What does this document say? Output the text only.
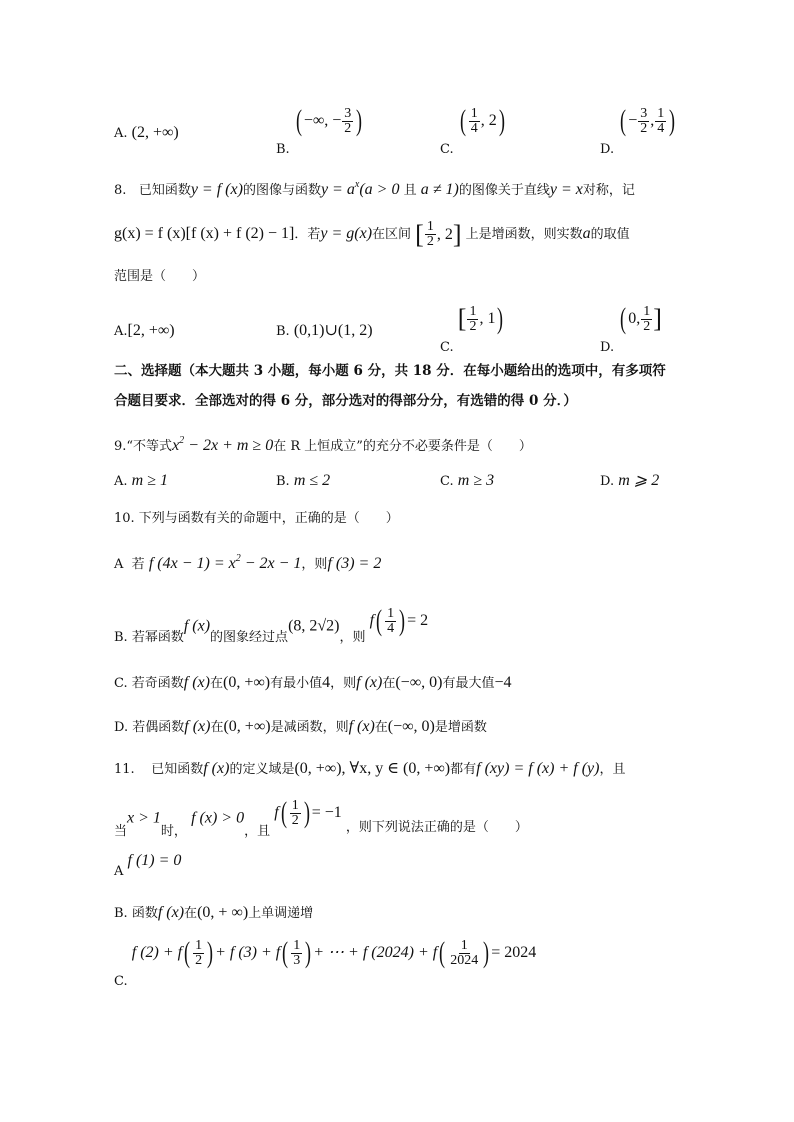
A. (2, +∞)
B.
( −∞, − $\frac{3}{2}$ )
C.
( $\frac{1}{4}$ , 2 )
D.
( − $\frac{3}{2}$ , $\frac{1}{4}$ )
8. 已知函数y = f (x)的图像与函数$y = a^x(a > 0$ 且 a ≠ 1)的图像关于直线y = x对称，记
g(x) = f (x)[f (x) + f (2) − 1]．若y = g(x)在区间 [ $\frac{1}{2}$ , 2 ] 上是增函数，则实数a的取值
范围是（　　）
A.[2, +∞)	B. (0,1)∪(1, 2)
C.
[ $\frac{1}{2}$ , 1 )
D.
( 0, $\frac{1}{2}$ ]
二、选择题（本大题共 3 小题，每小题 6 分，共 18 分．在每小题给出的选项中，有多项符
合题目要求．全部选对的得 6 分，部分选对的得部分分，有选错的得 0 分．）
9.“不等式$x^2 - 2x + m \ge 0$在 R 上恒成立”的充分不必要条件是（　　）
A. m ≥ 1	B. m ≤ 2	C. m ≥ 3	D. m ⩾ 2
10. 下列与函数有关的命题中，正确的是（　　）
A 若 f $(4x - 1) = x^2 - 2x - 1$，则f (3) = 2
B. 若幂函数f (x)的图象经过点(8, 2√2)，则
f ( $\frac{1}{4}$ ) = 2
C. 若奇函数f (x)在(0, +∞)有最小值4，则f (x)在(−∞, 0)有最大值−4
D. 若偶函数f (x)在(0, +∞)是减函数，则f (x)在(−∞, 0)是增函数
11. 已知函数f (x)的定义域是(0, +∞), ∀x, y ∈ (0, +∞)都有f (xy) = f (x) + f (y)，且
当x > 1时， f (x) > 0，且
f ( $\frac{1}{2}$ ) = −1
，则下列说法正确的是（　　）
A f (1) = 0
B. 函数f (x)在(0, + ∞)上单调递增
C.
f (2) + f ( $\frac{1}{2}$ ) + f (3) + f ( $\frac{1}{3}$ ) + ⋯ + f (2024) + f ( $\frac{1}{2024}$ ) = 2024
